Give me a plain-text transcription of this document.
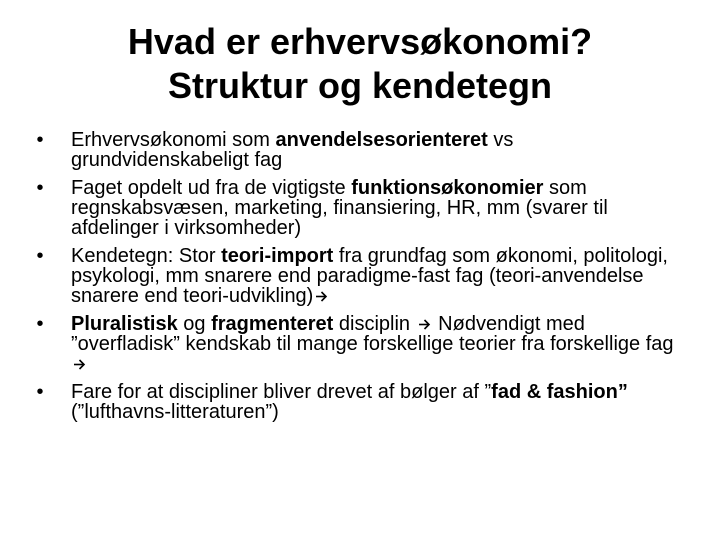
Hvad er erhvervsøkonomi?
Struktur og kendetegn
•	Erhvervsøkonomi som anvendelsesorienteret vs grundvidenskabeligt fag
•	Faget opdelt ud fra de vigtigste funktionsøkonomier som regnskabsvæsen, marketing, finansiering, HR, mm (svarer til afdelinger i virksomheder)
•	Kendetegn: Stor teori-import fra grundfag som økonomi, politologi, psykologi, mm snarere end paradigme-fast fag (teori-anvendelse snarere end teori-udvikling)
•	Pluralistisk og fragmenteret disciplin
Nødvendigt med ”overfladisk” kendskab til mange forskellige teorier fra forskellige fag
•	Fare for at discipliner bliver drevet af bølger af ”fad & fashion” (”lufthavns-litteraturen”)
